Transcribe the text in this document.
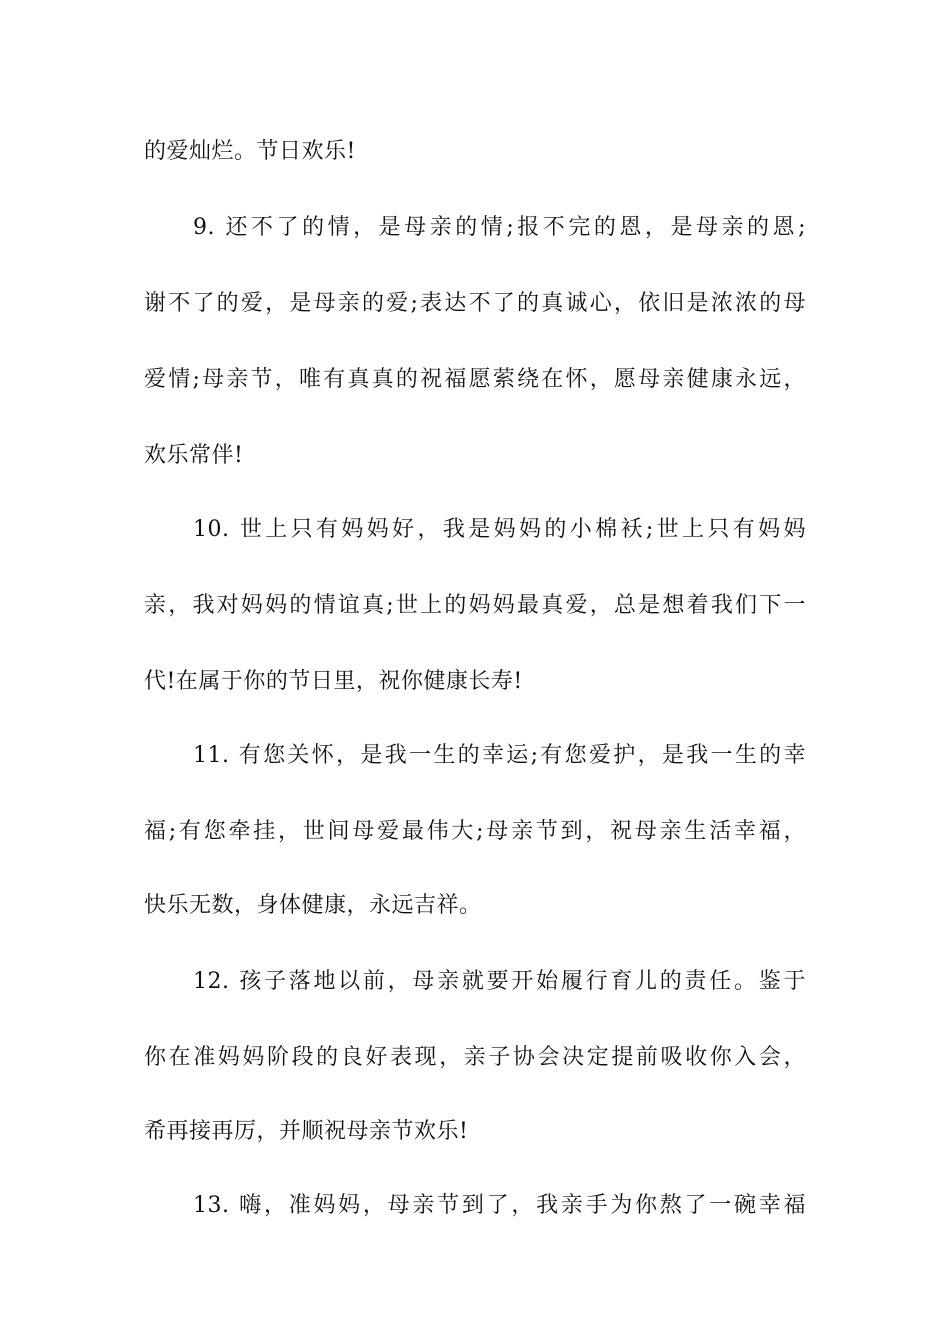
的爱灿烂。节日欢乐!
9. 还不了的情，是母亲的情;报不完的恩，是母亲的恩;
谢不了的爱，是母亲的爱;表达不了的真诚心，依旧是浓浓的母
爱情;母亲节，唯有真真的祝福愿萦绕在怀，愿母亲健康永远，
欢乐常伴!
10. 世上只有妈妈好，我是妈妈的小棉袄;世上只有妈妈
亲，我对妈妈的情谊真;世上的妈妈最真爱，总是想着我们下一
代!在属于你的节日里，祝你健康长寿!
11. 有您关怀，是我一生的幸运;有您爱护，是我一生的幸
福;有您牵挂，世间母爱最伟大;母亲节到，祝母亲生活幸福，
快乐无数，身体健康，永远吉祥。
12. 孩子落地以前，母亲就要开始履行育儿的责任。鉴于
你在准妈妈阶段的良好表现，亲子协会决定提前吸收你入会，
希再接再厉，并顺祝母亲节欢乐!
13. 嗨，准妈妈，母亲节到了，我亲手为你熬了一碗幸福
